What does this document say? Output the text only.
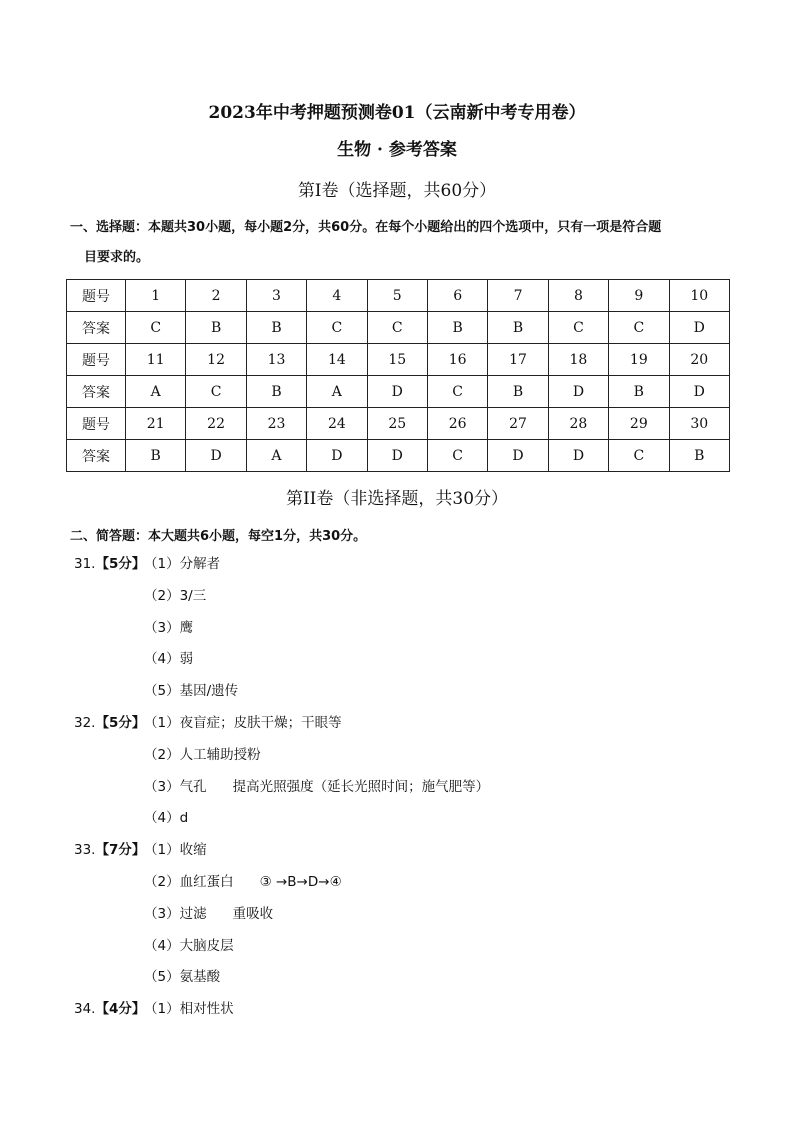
2023年中考押题预测卷01（云南新中考专用卷）
生物 · 参考答案
第Ⅰ卷（选择题，共60分）
一、选择题：本题共30小题，每小题2分，共60分。在每个小题给出的四个选项中，只有一项是符合题
目要求的。
题号	1	2	3	4	5	6	7	8	9	10
答案	C	B	B	C	C	B	B	C	C	D
题号	11	12	13	14	15	16	17	18	19	20
答案	A	C	B	A	D	C	B	D	B	D
题号	21	22	23	24	25	26	27	28	29	30
答案	B	D	A	D	D	C	D	D	C	B
第II卷（非选择题，共30分）
二、简答题：本大题共6小题，每空1分，共30分。
31.【5分】（1）分解者
（2）3/三
（3）鹰
（4）弱
（5）基因/遗传
32.【5分】（1）夜盲症；皮肤干燥；干眼等
（2）人工辅助授粉
（3）气孔 提高光照强度（延长光照时间；施气肥等）
（4）d
33.【7分】（1）收缩
（2）血红蛋白 ③ →B→D→④
（3）过滤 重吸收
（4）大脑皮层
（5）氨基酸
34.【4分】（1）相对性状
